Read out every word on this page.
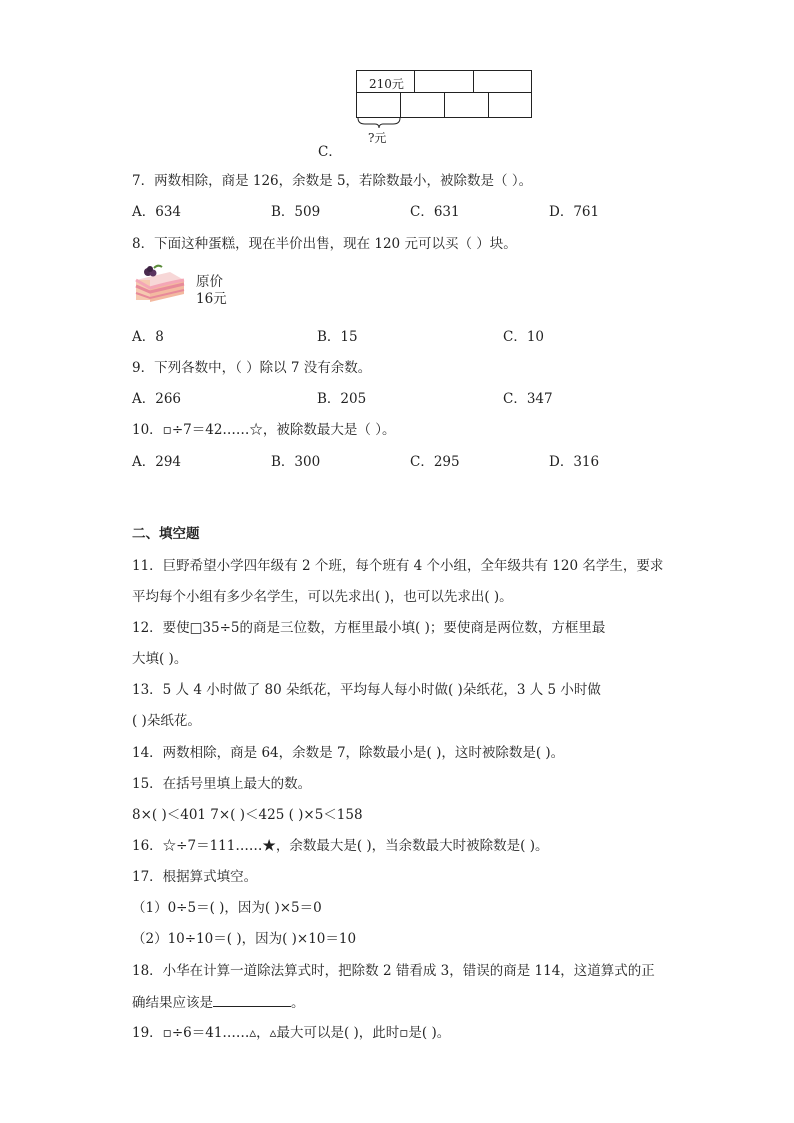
210元
?元
C．
7．两数相除，商是 126，余数是 5，若除数最小，被除数是（ ）。
A．634	B．509	C．631	D．761
8．下面这种蛋糕，现在半价出售，现在 120 元可以买（ ）块。
原价
16元
A．8	B．15	C．10
9．下列各数中，（ ）除以 7 没有余数。
A．266	B．205	C．347
10．▫÷7＝42……☆，被除数最大是（ ）。
A．294	B．300	C．295	D．316
二、填空题
11．巨野希望小学四年级有 2 个班，每个班有 4 个小组，全年级共有 120 名学生，要求
平均每个小组有多少名学生，可以先求出( )，也可以先求出( )。
12．要使□35÷5的商是三位数，方框里最小填( )；要使商是两位数，方框里最
大填( )。
13．5 人 4 小时做了 80 朵纸花，平均每人每小时做( )朵纸花，3 人 5 小时做
( )朵纸花。
14．两数相除，商是 64，余数是 7，除数最小是( )，这时被除数是( )。
15．在括号里填上最大的数。
8×( )＜401 7×( )＜425 ( )×5＜158
16．☆÷7＝111……★，余数最大是( )，当余数最大时被除数是( )。
17．根据算式填空。
（1）0÷5＝( )，因为( )×5＝0
（2）10÷10＝( )，因为( )×10＝10
18．小华在计算一道除法算式时，把除数 2 错看成 3，错误的商是 114，这道算式的正
确结果应该是	。
19．▫÷6＝41……▵，▵最大可以是( )，此时▫是( )。
